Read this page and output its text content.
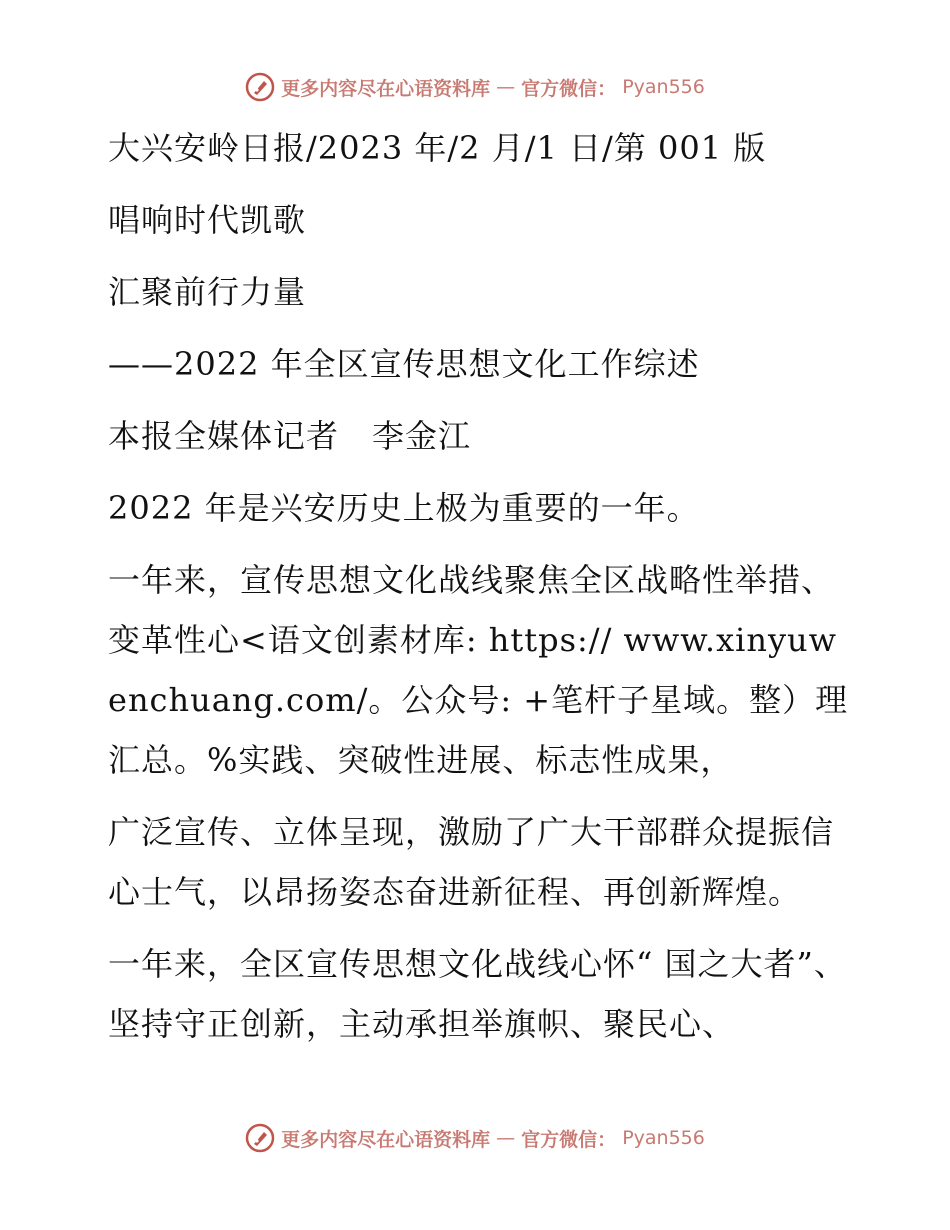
更多内容尽在心语资料库 — 官方微信： Pyan556

大兴安岭日报/2023 年/2 月/1 日/第 001 版

唱响时代凯歌

汇聚前行力量

——2022 年全区宣传思想文化工作综述

本报全媒体记者　李金江

2022 年是兴安历史上极为重要的一年。

一年来，宣传思想文化战线聚焦全区战略性举措、变革性心<语文创素材库: https:// www.xinyuwenchuang.com/。公众号: +笔杆子星域。整）理汇总。%实践、突破性进展、标志性成果，

广泛宣传、立体呈现，激励了广大干部群众提振信心士气，以昂扬姿态奋进新征程、再创新辉煌。

一年来，全区宣传思想文化战线心怀“ 国之大者”、坚持守正创新，主动承担举旗帜、聚民心、

更多内容尽在心语资料库 — 官方微信： Pyan556
